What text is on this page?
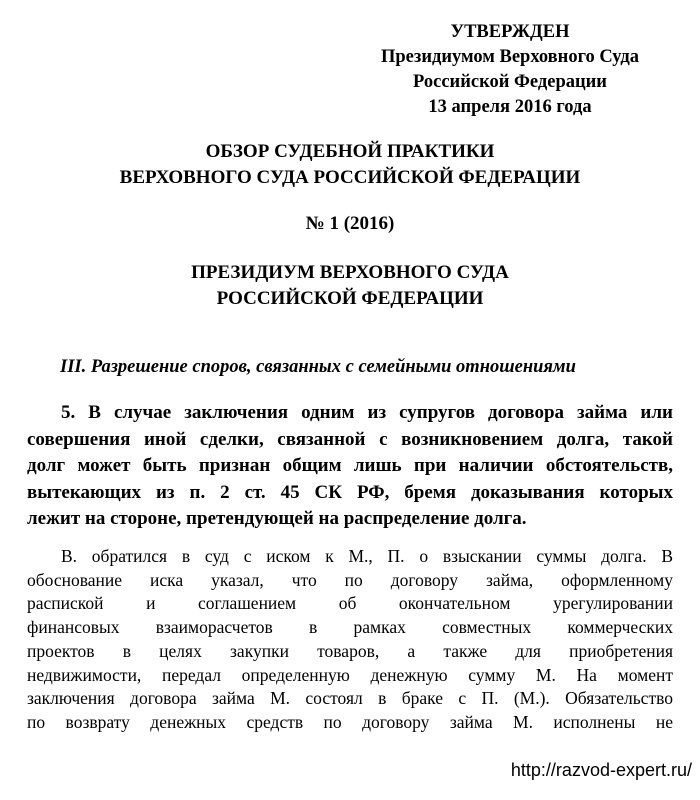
УТВЕРЖДЕН
Президиумом Верховного Суда
Российской Федерации
13 апреля 2016 года
ОБЗОР СУДЕБНОЙ ПРАКТИКИ
ВЕРХОВНОГО СУДА РОССИЙСКОЙ ФЕДЕРАЦИИ
№ 1 (2016)
ПРЕЗИДИУМ ВЕРХОВНОГО СУДА
РОССИЙСКОЙ ФЕДЕРАЦИИ
III. Разрешение споров, связанных с семейными отношениями
5. В случае заключения одним из супругов договора займа или
совершения иной сделки, связанной с возникновением долга, такой
долг может быть признан общим лишь при наличии обстоятельств,
вытекающих из п. 2 ст. 45 СК РФ, бремя доказывания которых
лежит на стороне, претендующей на распределение долга.
В. обратился в суд с иском к М., П. о взыскании суммы долга. В
обоснование иска указал, что по договору займа, оформленному
распиской и соглашением об окончательном урегулировании
финансовых взаиморасчетов в рамках совместных коммерческих
проектов в целях закупки товаров, а также для приобретения
недвижимости, передал определенную денежную сумму М. На момент
заключения договора займа М. состоял в браке с П. (М.). Обязательство
по возврату денежных средств по договору займа М. исполнены не
http://razvod-expert.ru/
